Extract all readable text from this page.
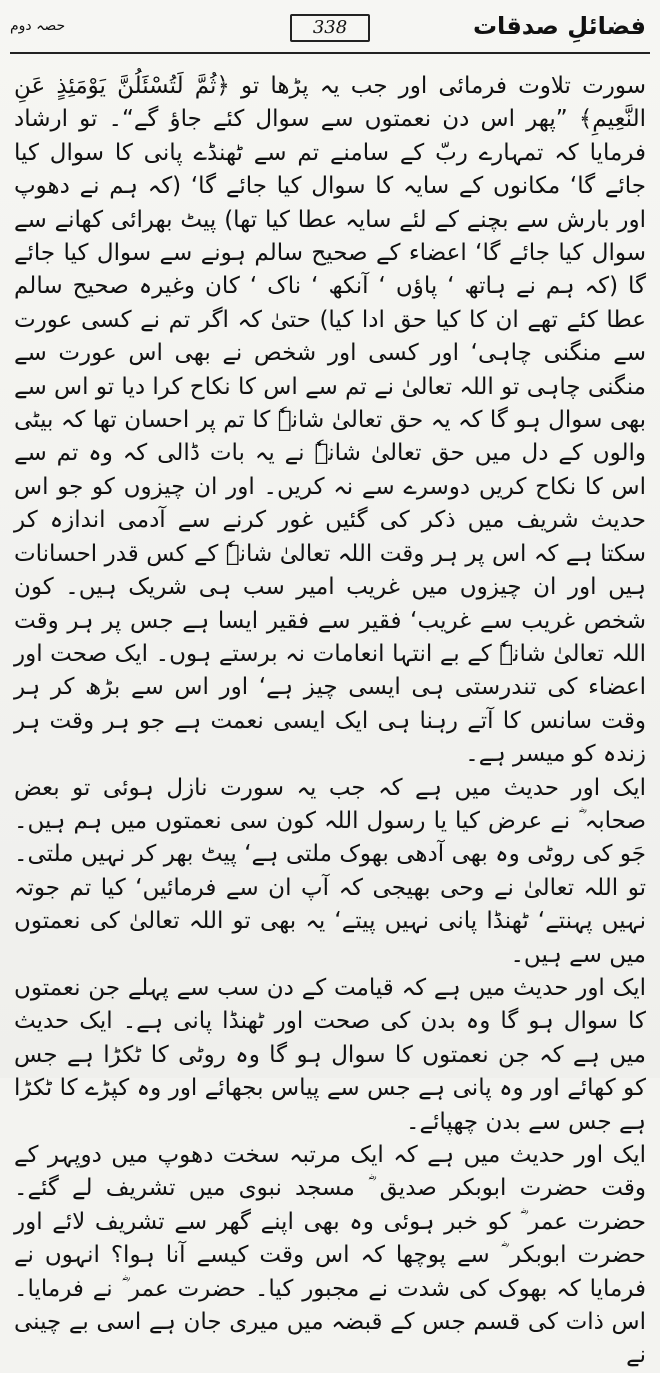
فضائلِ صدقات
338
حصہ دوم

سورت تلاوت فرمائی اور جب یہ پڑھا تو ﴿ثُمَّ لَتُسْئَلُنَّ يَوْمَئِذٍ عَنِ النَّعِيمِ﴾ ”پھر اس دن نعمتوں سے سوال کئے جاؤ گے“۔ تو ارشاد فرمایا کہ تمہارے ربّ کے سامنے تم سے ٹھنڈے پانی کا سوال کیا جائے گا‘ مکانوں کے سایہ کا سوال کیا جائے گا‘ (کہ ہم نے دھوپ اور بارش سے بچنے کے لئے سایہ عطا کیا تھا) پیٹ بھرائی کھانے سے سوال کیا جائے گا‘ اعضاء کے صحیح سالم ہونے سے سوال کیا جائے گا (کہ ہم نے ہاتھ ‘ پاؤں ‘ آنکھ ‘ ناک ‘ کان وغیرہ صحیح سالم عطا کئے تھے ان کا کیا حق ادا کیا) حتیٰ کہ اگر تم نے کسی عورت سے منگنی چاہی‘ اور کسی اور شخص نے بھی اس عورت سے منگنی چاہی تو اللہ تعالیٰ نے تم سے اس کا نکاح کرا دیا تو اس سے بھی سوال ہو گا کہ یہ حق تعالیٰ شانہٗ کا تم پر احسان تھا کہ بیٹی والوں کے دل میں حق تعالیٰ شانہٗ نے یہ بات ڈالی کہ وہ تم سے اس کا نکاح کریں دوسرے سے نہ کریں۔ اور ان چیزوں کو جو اس حدیث شریف میں ذکر کی گئیں غور کرنے سے آدمی اندازہ کر سکتا ہے کہ اس پر ہر وقت اللہ تعالیٰ شانہٗ کے کس قدر احسانات ہیں اور ان چیزوں میں غریب امیر سب ہی شریک ہیں۔ کون شخص غریب سے غریب‘ فقیر سے فقیر ایسا ہے جس پر ہر وقت اللہ تعالیٰ شانہٗ کے بے انتہا انعامات نہ برستے ہوں۔ ایک صحت اور اعضاء کی تندرستی ہی ایسی چیز ہے‘ اور اس سے بڑھ کر ہر وقت سانس کا آتے رہنا ہی ایک ایسی نعمت ہے جو ہر وقت ہر زندہ کو میسر ہے۔

ایک اور حدیث میں ہے کہ جب یہ سورت نازل ہوئی تو بعض صحابہ ؓ نے عرض کیا یا رسول اللہ کون سی نعمتوں میں ہم ہیں۔ جَو کی روٹی وہ بھی آدھی بھوک ملتی ہے‘ پیٹ بھر کر نہیں ملتی۔ تو اللہ تعالیٰ نے وحی بھیجی کہ آپ ان سے فرمائیں‘ کیا تم جوتہ نہیں پہنتے‘ ٹھنڈا پانی نہیں پیتے‘ یہ بھی تو اللہ تعالیٰ کی نعمتوں میں سے ہیں۔

ایک اور حدیث میں ہے کہ قیامت کے دن سب سے پہلے جن نعمتوں کا سوال ہو گا وہ بدن کی صحت اور ٹھنڈا پانی ہے۔ ایک حدیث میں ہے کہ جن نعمتوں کا سوال ہو گا وہ روٹی کا ٹکڑا ہے جس کو کھائے اور وہ پانی ہے جس سے پیاس بجھائے اور وہ کپڑے کا ٹکڑا ہے جس سے بدن چھپائے۔

ایک اور حدیث میں ہے کہ ایک مرتبہ سخت دھوپ میں دوپہر کے وقت حضرت ابوبکر صدیق ؓ مسجد نبوی میں تشریف لے گئے۔ حضرت عمر ؓ کو خبر ہوئی وہ بھی اپنے گھر سے تشریف لائے اور حضرت ابوبکر ؓ سے پوچھا کہ اس وقت کیسے آنا ہوا؟ انہوں نے فرمایا کہ بھوک کی شدت نے مجبور کیا۔ حضرت عمر ؓ نے فرمایا۔ اس ذات کی قسم جس کے قبضہ میں میری جان ہے اسی بے چینی نے
